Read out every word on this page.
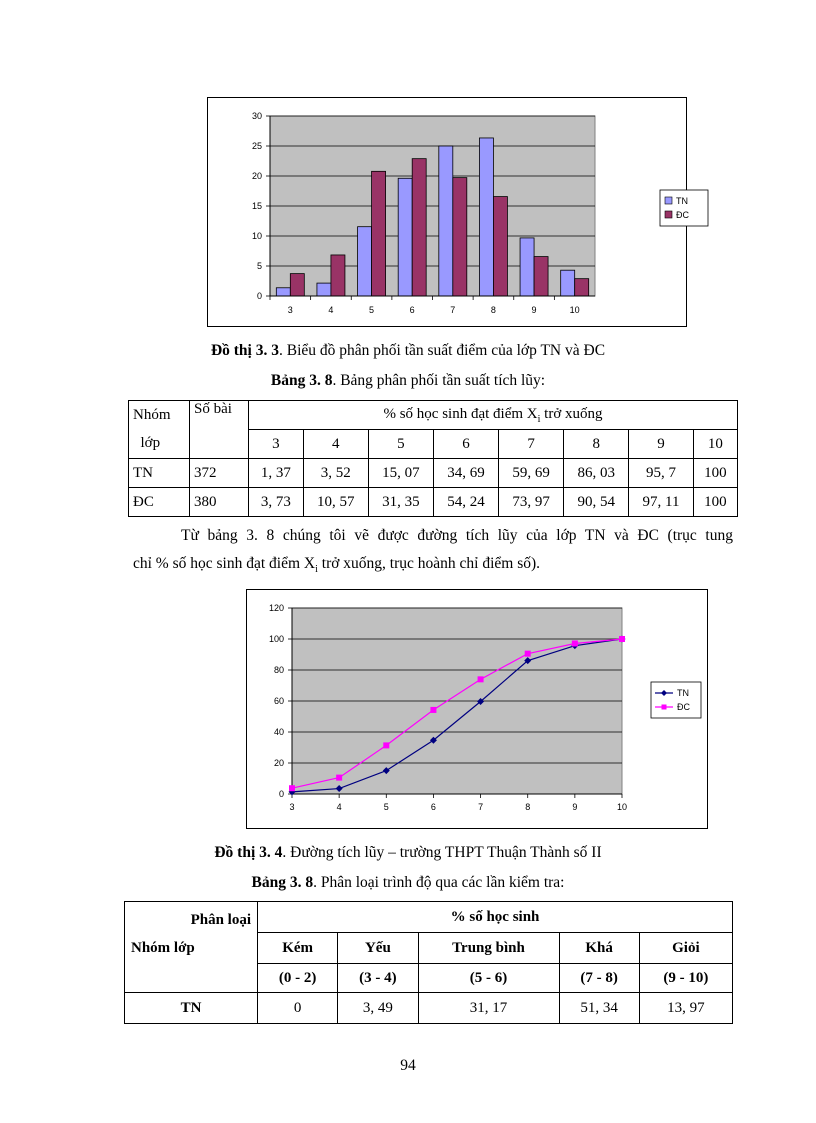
0
5
10
15
20
25
30
3	4	5	6	7	8	9	10
TN
ĐC
Đồ thị 3. 3. Biểu đồ phân phối tần suất điểm của lớp TN và ĐC
Bảng 3. 8. Bảng phân phối tần suất tích lũy:
Nhóm
lớp	Số bài	% số học sinh đạt điểm $X_i$ trở xuống							
		3	4	5	6	7	8	9	10
TN	372	1, 37	3, 52	15, 07	34, 69	59, 69	86, 03	95, 7	100
ĐC	380	3, 73	10, 57	31, 35	54, 24	73, 97	90, 54	97, 11	100
Từ bảng 3. 8 chúng tôi vẽ được đường tích lũy của lớp TN và ĐC (trục tung
chỉ % số học sinh đạt điểm $X_i$ trở xuống, trục hoành chỉ điểm số).
0
20
40
60
80
100
120
3	4	5	6	7	8	9	10
TN
ĐC
Đồ thị 3. 4. Đường tích lũy – trường THPT Thuận Thành số II
Bảng 3. 8. Phân loại trình độ qua các lần kiểm tra:
Phân loại
Nhóm lớp	% số học sinh				
	Kém	Yếu	Trung bình	Khá	Giỏi
	(0 - 2)	(3 - 4)	(5 - 6)	(7 - 8)	(9 - 10)
TN	0	3, 49	31, 17	51, 34	13, 97
94
